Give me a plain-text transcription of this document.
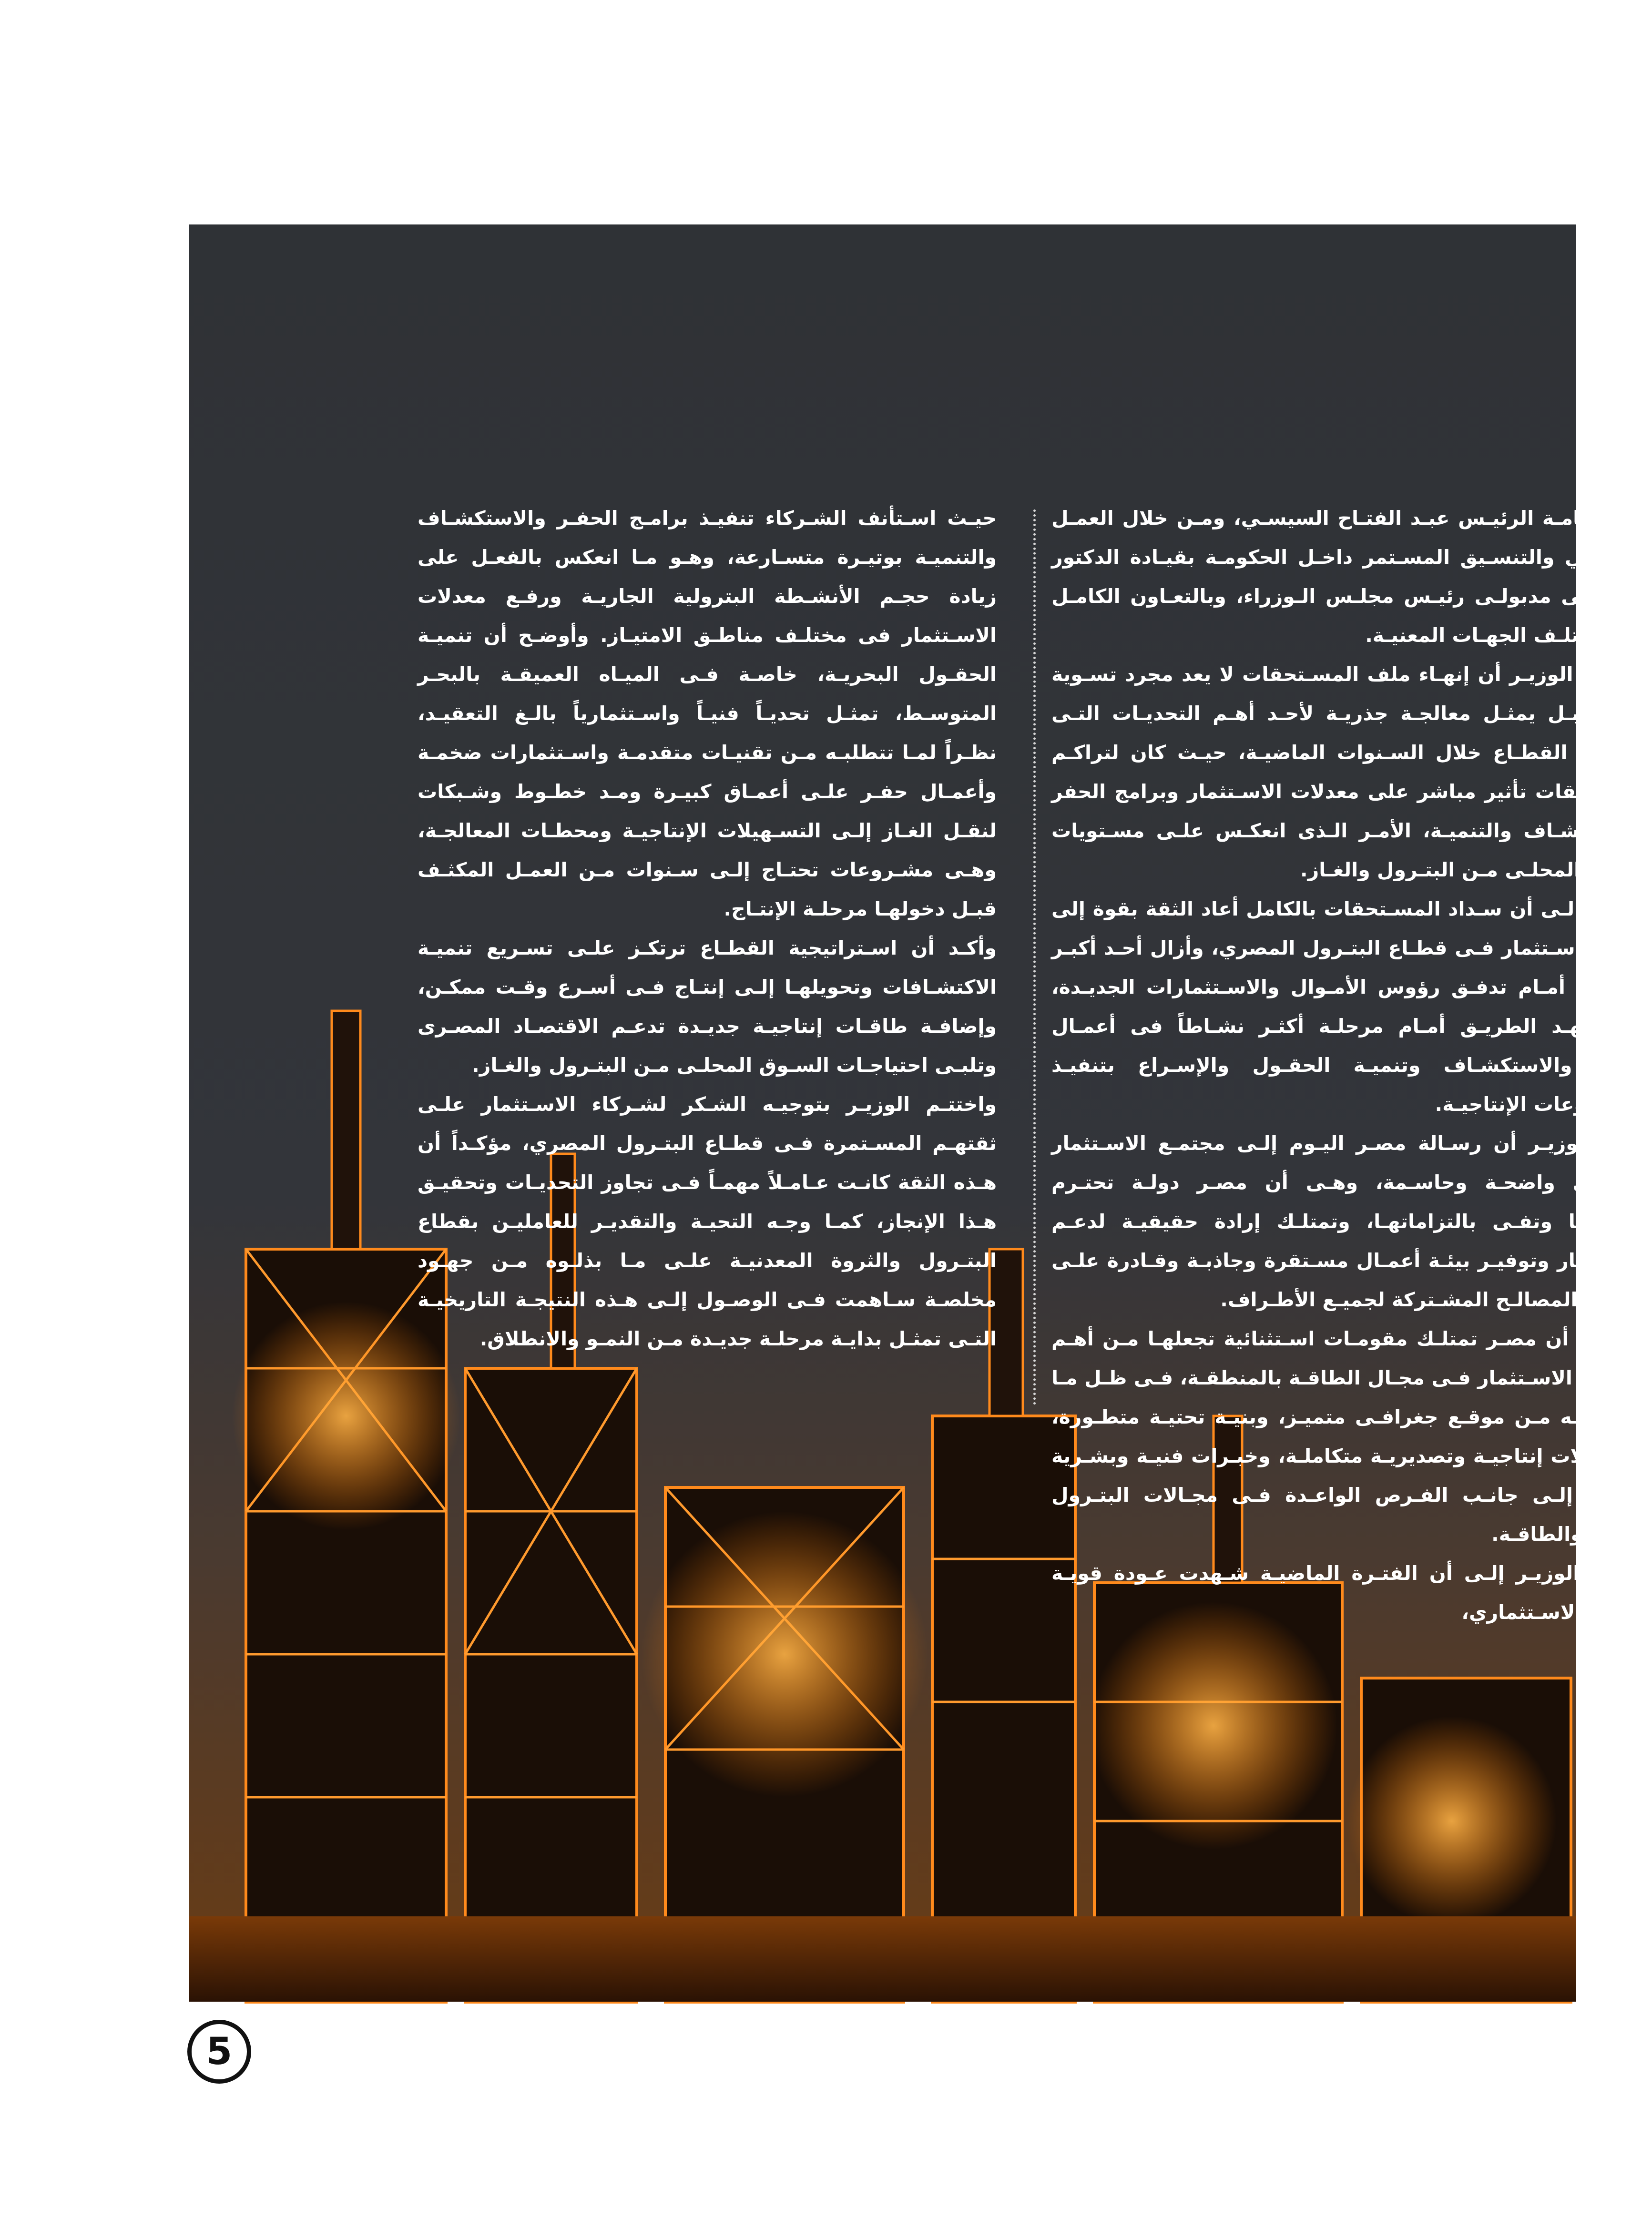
مـن فخامـة الرئيـس عبـد الفتـاح السيسـي، ومـن خلال العمـل التكاملـي والتنسـيق المسـتمر داخـل الحكومـة بقيـادة الدكتور مصطفـى مدبولـى رئيـس مجلـس الـوزراء، وبالتعـاون الكامـل بيـن مختلـف الجهـات المعنيـة.

وأوضـح الوزيـر أن إنهـاء ملف المسـتحقات لا يعد مجرد تسـوية ماليـة، بـل يمثـل معالجـة جذريـة لأحـد أهـم التحديـات التـى واجهـت القطـاع خلال السـنوات الماضيـة، حيـث كان لتراكـم المسـتحقات تأثير مباشر على معدلات الاسـتثمار وبرامج الحفر والاستكشـاف والتنميـة، الأمـر الـذى انعكـس علـى مسـتويات الإنتـاج المحلـى مـن البتـرول والغـاز.

وأشـار إلـى أن سـداد المسـتحقات بالكامل أعاد الثقة بقوة إلى منـاخ الاسـتثمار فـى قطـاع البتـرول المصري، وأزال أحـد أكبـر العوائـق أمـام تدفـق رؤوس الأمـوال والاسـتثمارات الجديـدة، بمـا يمهـد الطريـق أمـام مرحلـة أكثـر نشـاطاً فى أعمـال البحث والاستكشـاف وتنميـة الحقـول والإسـراع بتنفيـذ المشـروعات الإنتاجيـة.

وأكـد الوزيـر أن رسـالة مصـر اليـوم إلـى مجتمـع الاسـتثمار العالمـى واضحـة وحاسـمة، وهـى أن مصـر دولـة تحتـرم تعهداتهـا وتفـى بالتزاماتهـا، وتمتلـك إرادة حقيقيـة لدعـم الاسـتثمار وتوفيـر بيئـة أعمـال مسـتقرة وجاذبـة وقـادرة علـى تحقيـق المصالـح المشـتركة لجميـع الأطـراف.

وأضـاف أن مصـر تمتلـك مقومـات اسـتثنائية تجعلهـا مـن أهـم وجهـات الاسـتثمار فـى مجـال الطاقـة بالمنطقـة، فـى ظـل مـا تتمتـع بـه مـن موقـع جغرافـى متميـز، وبنيـة تحتيـة متطـورة، وتسـهيلات إنتاجيـة وتصديريـة متكاملـة، وخبـرات فنيـة وبشـرية كبيـرة، إلـى جانـب الفـرص الواعـدة فـى مجـالات البتـرول والغـاز والطاقـة.

ولفـت الوزيـر إلـى أن الفتـرة الماضيـة شـهدت عـودة قويـة للزخـم الاسـتثماري،

حيـث اسـتأنف الشـركاء تنفيـذ برامـج الحفـر والاستكشـاف والتنميـة بوتيـرة متسـارعة، وهـو مـا انعكس بالفعـل على زيادة حجـم الأنشـطة البترولية الجاريـة ورفـع معدلات الاسـتثمار فى مختلـف مناطـق الامتيـاز. وأوضـح أن تنميـة الحقـول البحريـة، خاصـة فـى الميـاه العميقـة بالبحـر المتوسـط، تمثـل تحديـاً فنيـاً واسـتثمارياً بالـغ التعقيـد، نظـراً لمـا تتطلبـه مـن تقنيـات متقدمـة واسـتثمارات ضخمـة وأعمـال حفـر علـى أعمـاق كبيـرة ومـد خطـوط وشـبكات لنقـل الغـاز إلـى التسـهيلات الإنتاجيـة ومحطـات المعالجـة، وهـى مشـروعات تحتـاج إلـى سـنوات مـن العمـل المكثـف قبـل دخولهـا مرحلـة الإنتـاج.

وأكـد أن اسـتراتيجية القطـاع ترتكـز علـى تسـريع تنميـة الاكتشـافات وتحويلهـا إلـى إنتـاج فـى أسـرع وقـت ممكـن، وإضافـة طاقـات إنتاجيـة جديـدة تدعـم الاقتصـاد المصـرى وتلبـى احتياجـات السـوق المحلـى مـن البتـرول والغـاز.

واختتـم الوزيـر بتوجيـه الشـكر لشـركاء الاسـتثمار علـى ثقتهـم المسـتمرة فـى قطـاع البتـرول المصري، مؤكـداً أن هـذه الثقة كانـت عـامـلاً مهمـاً فـى تجاوز التحديـات وتحقيـق هـذا الإنجاز، كمـا وجـه التحيـة والتقديـر للعامليـن بقطاع البتـرول والثروة المعدنيـة علـى مـا بذلـوه مـن جهـود مخلصـة سـاهمت فـى الوصـول إلـى هـذه النتيجـة التاريخيـة التـى تمثـل بدايـة مرحلـة جديـدة مـن النمـو والانطلاق.

5
